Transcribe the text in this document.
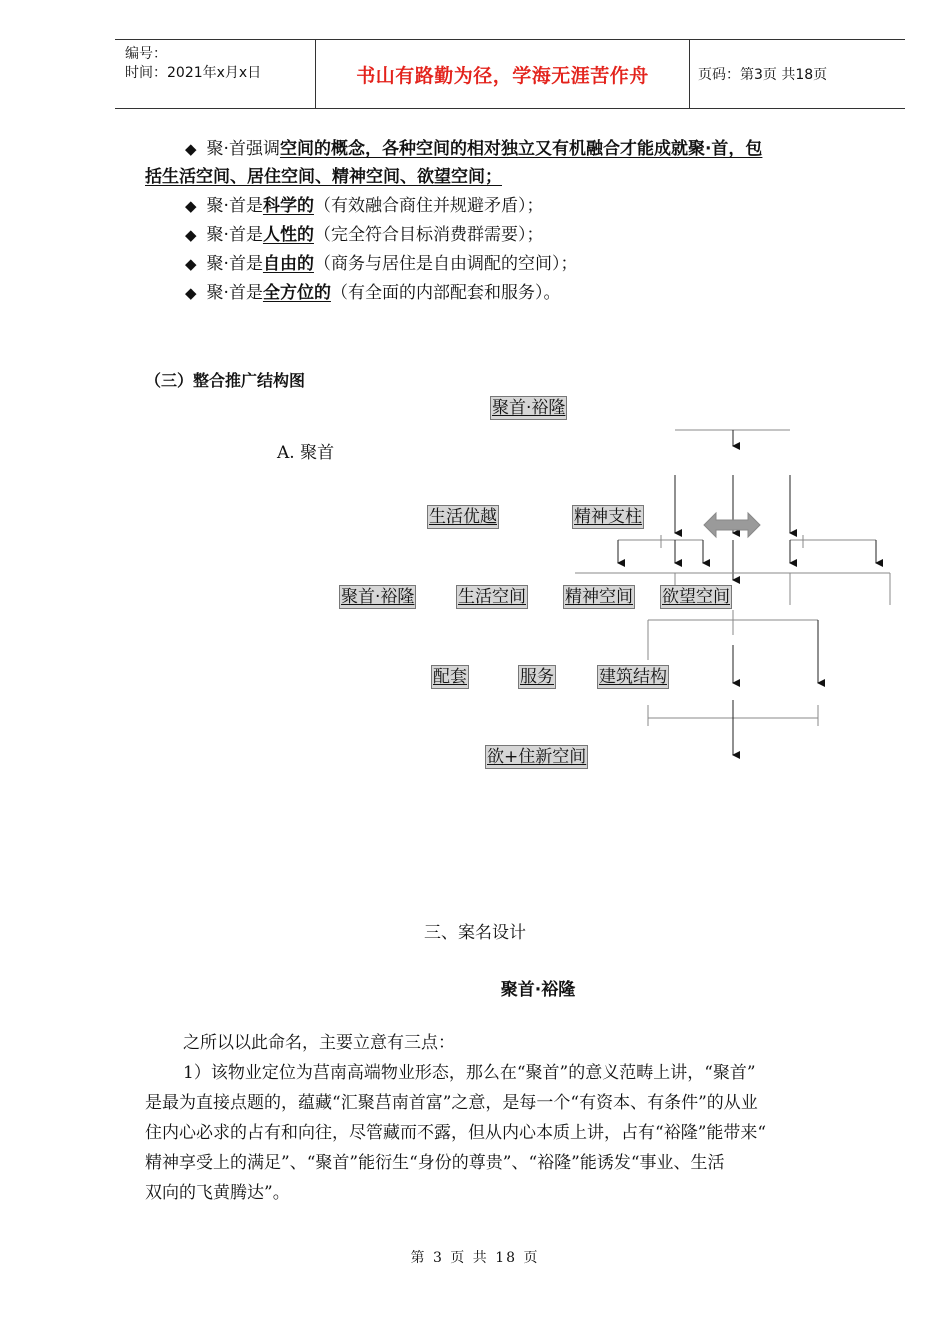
编号：
时间：2021年x月x日	书山有路勤为径，学海无涯苦作舟	页码：第3页 共18页
◆ 聚·首强调空间的概念，各种空间的相对独立又有机融合才能成就聚·首，包
括生活空间、居住空间、精神空间、欲望空间；
◆ 聚·首是科学的（有效融合商住并规避矛盾）；
◆ 聚·首是人性的（完全符合目标消费群需要）；
◆ 聚·首是自由的（商务与居住是自由调配的空间）；
◆ 聚·首是全方位的（有全面的内部配套和服务）。
（三）整合推广结构图
聚首·裕隆
A. 聚首
生活优越	精神支柱
聚首·裕隆	生活空间 精神空间 欲望空间
配套	服务	建筑结构
欲+住新空间
三、案名设计
聚首·裕隆
之所以以此命名，主要立意有三点：
1）该物业定位为莒南高端物业形态，那么在“聚首”的意义范畴上讲，“聚首”
是最为直接点题的，蕴藏“汇聚莒南首富”之意，是每一个“有资本、有条件”的从业
住内心必求的占有和向往，尽管藏而不露，但从内心本质上讲，占有“裕隆”能带来“
精神享受上的满足”、“聚首”能衍生“身份的尊贵”、“裕隆”能诱发“事业、生活
双向的飞黄腾达”。
第 3 页 共 18 页
